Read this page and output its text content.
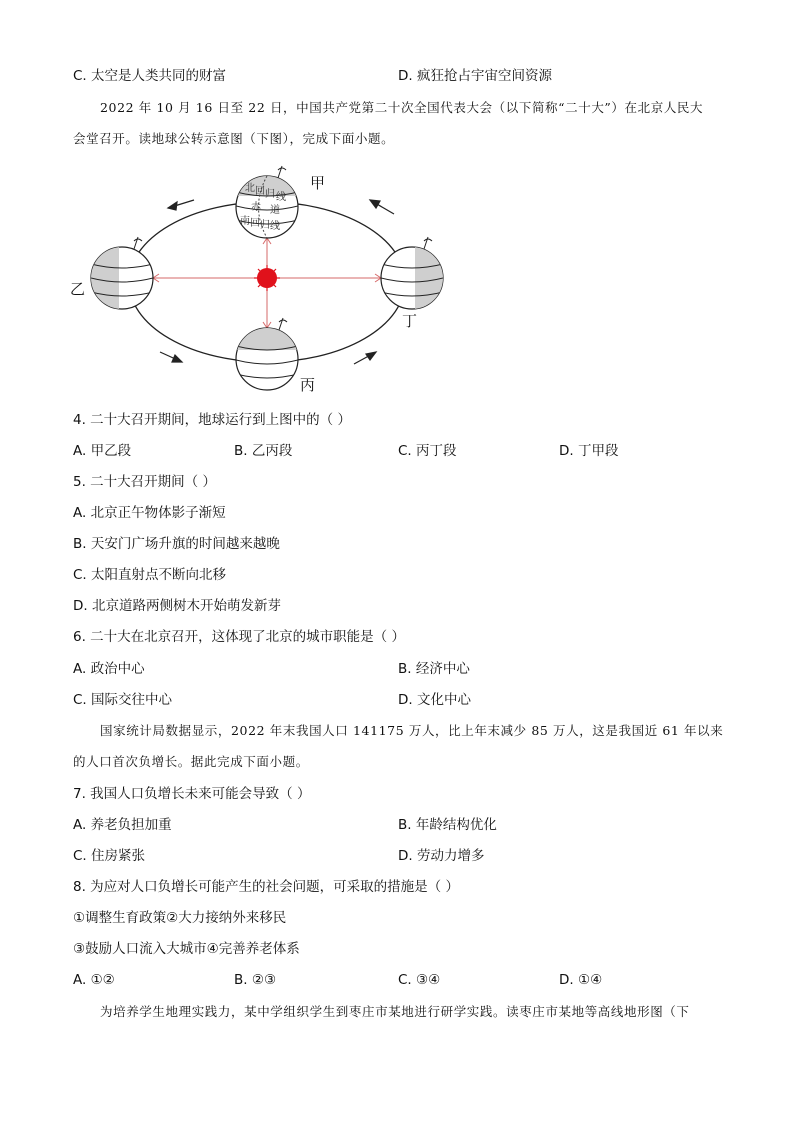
C. 太空是人类共同的财富	D. 疯狂抢占宇宙空间资源
2022 年 10 月 16 日至 22 日，中国共产党第二十次全国代表大会（以下简称“二十大”）在北京人民大
会堂召开。读地球公转示意图（下图），完成下面小题。
北 回 归 线
赤 道
南 回 归 线
甲
乙
丁
丙
4. 二十大召开期间，地球运行到上图中的（ ）
A. 甲乙段	B. 乙丙段	C. 丙丁段	D. 丁甲段
5. 二十大召开期间（ ）
A. 北京正午物体影子渐短
B. 天安门广场升旗的时间越来越晚
C. 太阳直射点不断向北移
D. 北京道路两侧树木开始萌发新芽
6. 二十大在北京召开，这体现了北京的城市职能是（ ）
A. 政治中心	B. 经济中心
C. 国际交往中心	D. 文化中心
国家统计局数据显示，2022 年末我国人口 141175 万人，比上年末减少 85 万人，这是我国近 61 年以来
的人口首次负增长。据此完成下面小题。
7. 我国人口负增长未来可能会导致（ ）
A. 养老负担加重	B. 年龄结构优化
C. 住房紧张	D. 劳动力增多
8. 为应对人口负增长可能产生的社会问题，可采取的措施是（ ）
①调整生育政策②大力接纳外来移民
③鼓励人口流入大城市④完善养老体系
A. ①②	B. ②③	C. ③④	D. ①④
为培养学生地理实践力，某中学组织学生到枣庄市某地进行研学实践。读枣庄市某地等高线地形图（下
